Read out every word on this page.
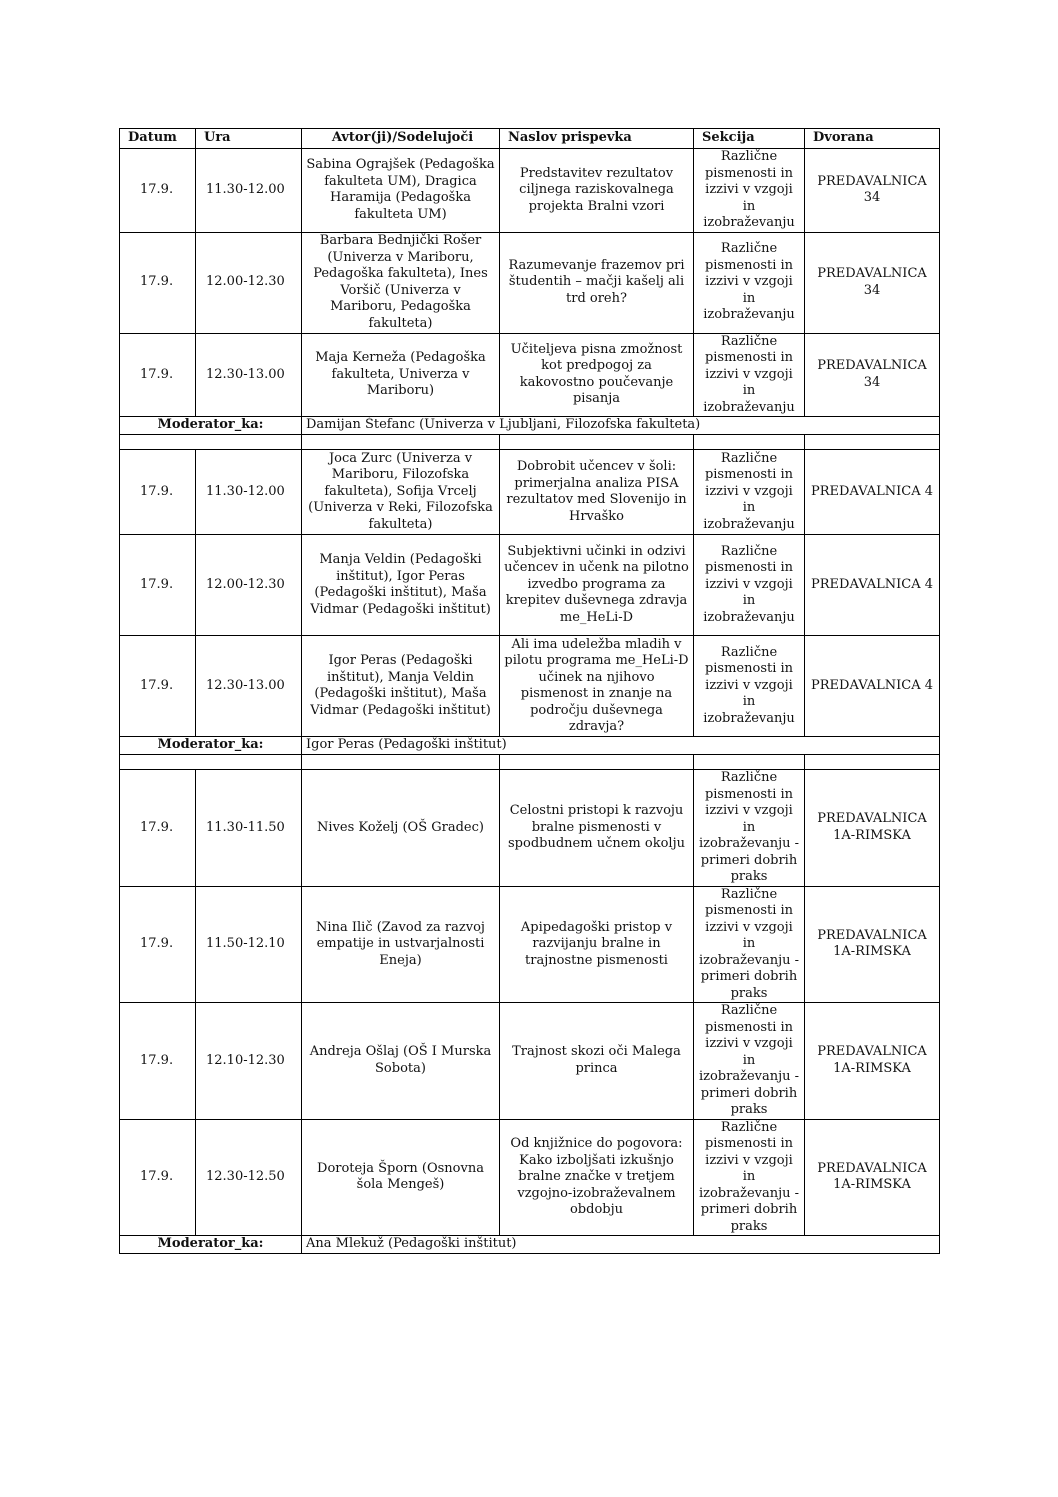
Datum	Ura	Avtor(ji)/Sodelujoči	Naslov prispevka	Sekcija	Dvorana
17.9.	11.30-12.00	Sabina Ograjšek (Pedagoška fakulteta UM), Dragica Haramija (Pedagoška fakulteta UM)	Predstavitev rezultatov ciljnega raziskovalnega projekta Bralni vzori	Različne pismenosti in izzivi v vzgoji in izobraževanju	PREDAVALNICA 34
17.9.	12.00-12.30	Barbara Bednjički Rošer (Univerza v Mariboru, Pedagoška fakulteta), Ines Voršič (Univerza v Mariboru, Pedagoška fakulteta)	Razumevanje frazemov pri študentih – mačji kašelj ali trd oreh?	Različne pismenosti in izzivi v vzgoji in izobraževanju	PREDAVALNICA 34
17.9.	12.30-13.00	Maja Kerneža (Pedagoška fakulteta, Univerza v Mariboru)	Učiteljeva pisna zmožnost kot predpogoj za kakovostno poučevanje pisanja	Različne pismenosti in izzivi v vzgoji in izobraževanju	PREDAVALNICA 34
Moderator_ka:		Damijan Štefanc (Univerza v Ljubljani, Filozofska fakulteta)			

17.9.	11.30-12.00	Joca Zurc (Univerza v Mariboru, Filozofska fakulteta), Sofija Vrcelj (Univerza v Reki, Filozofska fakulteta)	Dobrobit učencev v šoli: primerjalna analiza PISA rezultatov med Slovenijo in Hrvaško	Različne pismenosti in izzivi v vzgoji in izobraževanju	PREDAVALNICA 4
17.9.	12.00-12.30	Manja Veldin (Pedagoški inštitut), Igor Peras (Pedagoški inštitut), Maša Vidmar (Pedagoški inštitut)	Subjektivni učinki in odzivi učencev in učenk na pilotno izvedbo programa za krepitev duševnega zdravja me_HeLi-D	Različne pismenosti in izzivi v vzgoji in izobraževanju	PREDAVALNICA 4
17.9.	12.30-13.00	Igor Peras (Pedagoški inštitut), Manja Veldin (Pedagoški inštitut), Maša Vidmar (Pedagoški inštitut)	Ali ima udeležba mladih v pilotu programa me_HeLi-D učinek na njihovo pismenost in znanje na področju duševnega zdravja?	Različne pismenosti in izzivi v vzgoji in izobraževanju	PREDAVALNICA 4
Moderator_ka:		Igor Peras (Pedagoški inštitut)			

17.9.	11.30-11.50	Nives Koželj (OŠ Gradec)	Celostni pristopi k razvoju bralne pismenosti v spodbudnem učnem okolju	Različne pismenosti in izzivi v vzgoji in izobraževanju - primeri dobrih praks	PREDAVALNICA 1A-RIMSKA
17.9.	11.50-12.10	Nina Ilič (Zavod za razvoj empatije in ustvarjalnosti Eneja)	Apipedagoški pristop v razvijanju bralne in trajnostne pismenosti	Različne pismenosti in izzivi v vzgoji in izobraževanju - primeri dobrih praks	PREDAVALNICA 1A-RIMSKA
17.9.	12.10-12.30	Andreja Ošlaj (OŠ I Murska Sobota)	Trajnost skozi oči Malega princa	Različne pismenosti in izzivi v vzgoji in izobraževanju - primeri dobrih praks	PREDAVALNICA 1A-RIMSKA
17.9.	12.30-12.50	Doroteja Šporn (Osnovna šola Mengeš)	Od knjižnice do pogovora: Kako izboljšati izkušnjo bralne značke v tretjem vzgojno-izobraževalnem obdobju	Različne pismenosti in izzivi v vzgoji in izobraževanju - primeri dobrih praks	PREDAVALNICA 1A-RIMSKA
Moderator_ka:		Ana Mlekuž (Pedagoški inštitut)			
